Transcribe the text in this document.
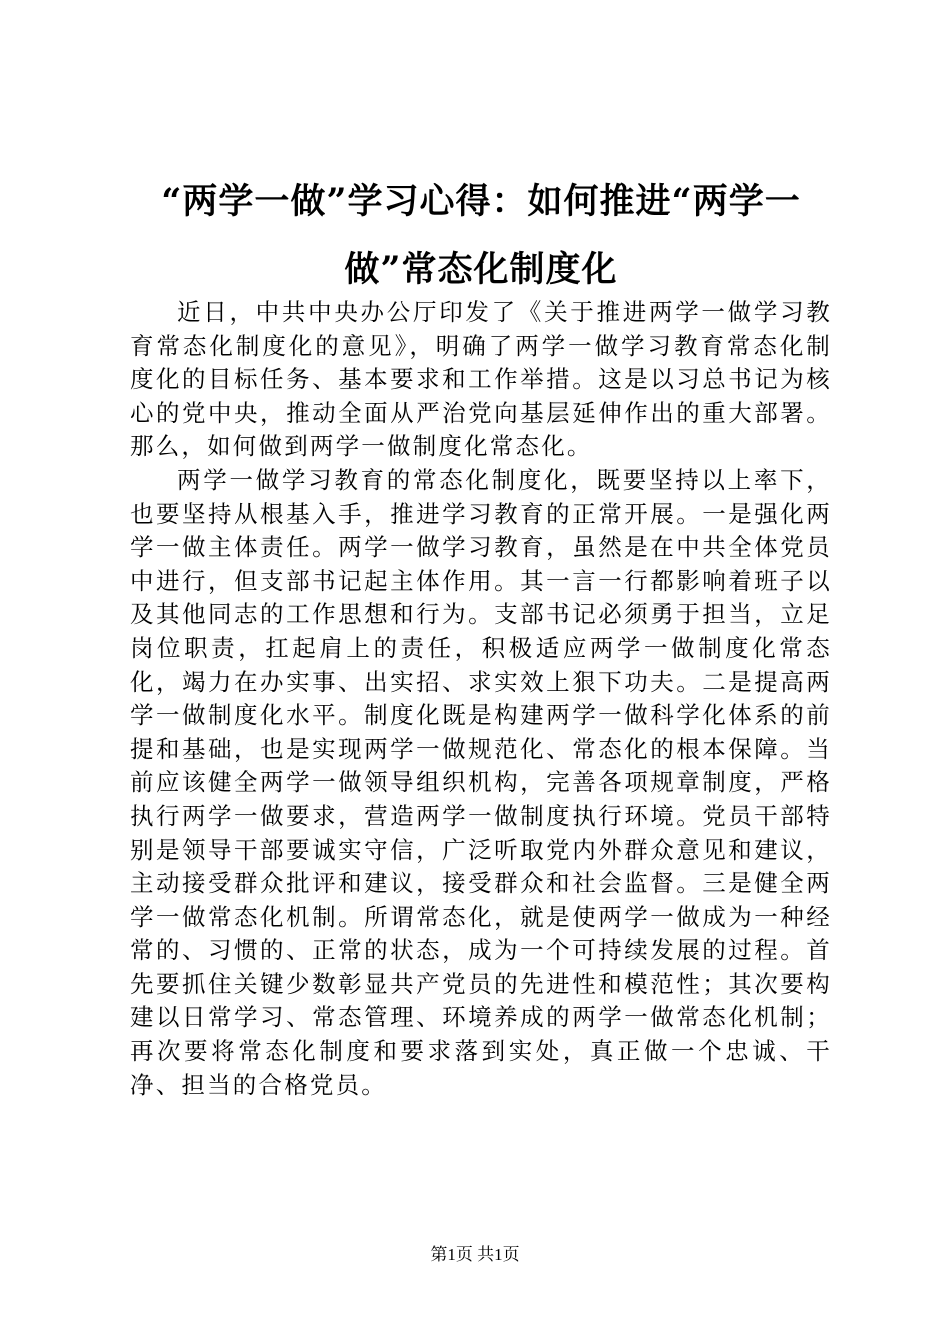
“两学一做”学习心得：如何推进“两学一做”常态化制度化

近日，中共中央办公厅印发了《关于推进两学一做学习教育常态化制度化的意见》，明确了两学一做学习教育常态化制度化的目标任务、基本要求和工作举措。这是以习总书记为核心的党中央，推动全面从严治党向基层延伸作出的重大部署。那么，如何做到两学一做制度化常态化。

两学一做学习教育的常态化制度化，既要坚持以上率下，也要坚持从根基入手，推进学习教育的正常开展。一是强化两学一做主体责任。两学一做学习教育，虽然是在中共全体党员中进行，但支部书记起主体作用。其一言一行都影响着班子以及其他同志的工作思想和行为。支部书记必须勇于担当，立足岗位职责，扛起肩上的责任，积极适应两学一做制度化常态化，竭力在办实事、出实招、求实效上狠下功夫。二是提高两学一做制度化水平。制度化既是构建两学一做科学化体系的前提和基础，也是实现两学一做规范化、常态化的根本保障。当前应该健全两学一做领导组织机构，完善各项规章制度，严格执行两学一做要求，营造两学一做制度执行环境。党员干部特别是领导干部要诚实守信，广泛听取党内外群众意见和建议，主动接受群众批评和建议，接受群众和社会监督。三是健全两学一做常态化机制。所谓常态化，就是使两学一做成为一种经常的、习惯的、正常的状态，成为一个可持续发展的过程。首先要抓住关键少数彰显共产党员的先进性和模范性；其次要构建以日常学习、常态管理、环境养成的两学一做常态化机制；再次要将常态化制度和要求落到实处，真正做一个忠诚、干净、担当的合格党员。

第1页 共1页
